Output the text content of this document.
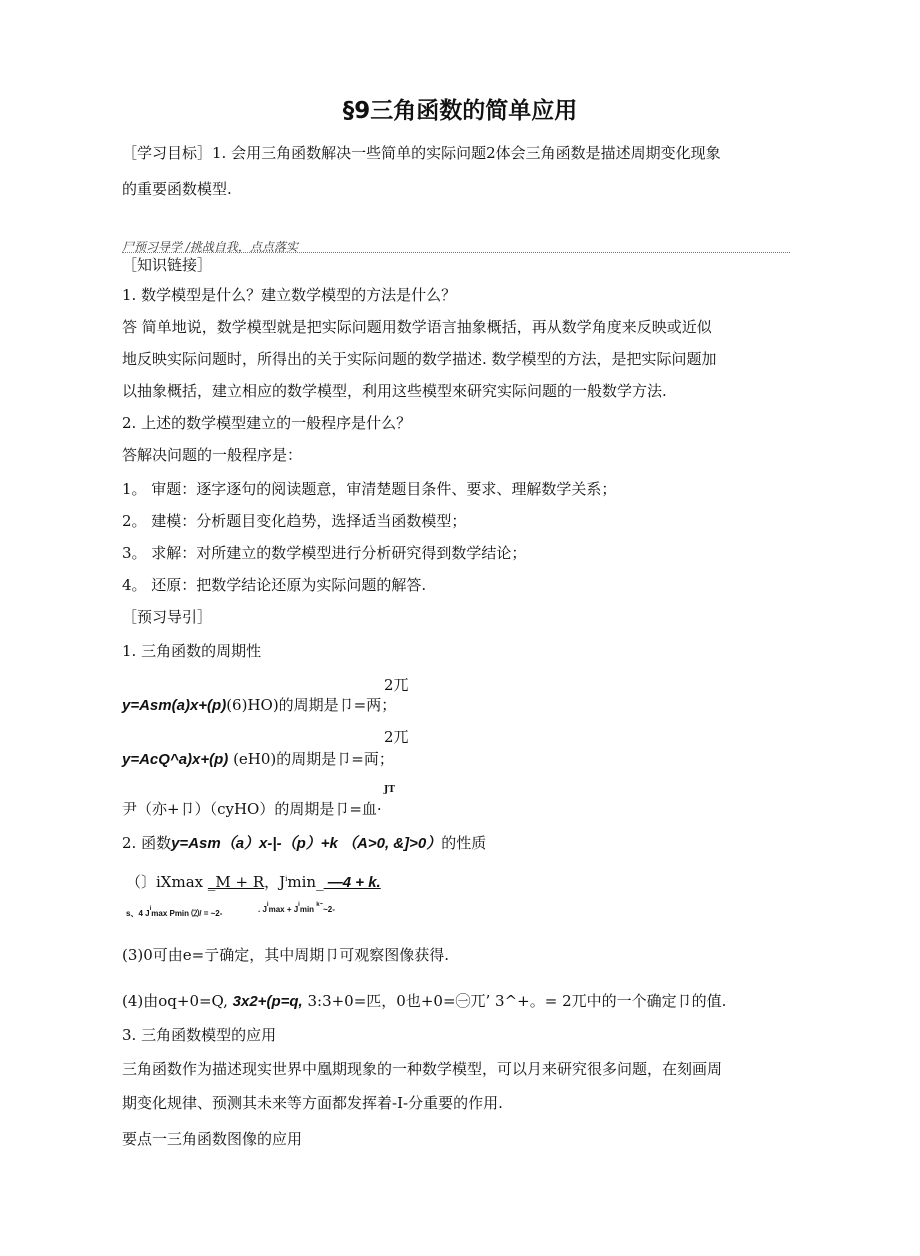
§9三角函数的简单应用
［学习目标］1. 会用三角函数解决一些简单的实际问题2体会三角函数是描述周期变化现象
的重要函数模型.
尸预习导学 /挑战自我，点点落实
［知识链接］
1. 数学模型是什么？建立数学模型的方法是什么？
答 简单地说，数学模型就是把实际问题用数学语言抽象概括，再从数学角度来反映或近似
地反映实际问题时，所得出的关于实际问题的数学描述. 数学模型的方法，是把实际问题加
以抽象概括，建立相应的数学模型，利用这些模型來研究实际问题的一般数学方法.
2. 上述的数学模型建立的一般程序是什么？
答解决问题的一般程序是：
1。 审题：逐字逐句的阅读题意，审清楚题目条件、要求、理解数学关系；
2。 建模：分析题目变化趋势，选择适当函数模型；
3。 求解：对所建立的数学模型进行分析研究得到数学结论；
4。 还原：把数学结论还原为实际问题的解答.
［预习导引］
1. 三角函数的周期性
2兀
y=Asm(a)x+(p)(6)HO)的周期是卩=两；
2兀
y=AcQ^a)x+(p) (eH0)的周期是卩=両；
JT
尹（亦+卩）（cyHO）的周期是卩=血·
2. 函数y=Asm（a）x-|-（p）+k （A>0, &]>0）的性质
（〕iXmax _M + R，$J^i\min\_$ —4 + k.
s、4 $J^i\max$ Pmin ⑵/ = ~2-	. $J^i\max + J^i\min$ $^{k\sim}$~2-
(3)0可由e=亍确定，其中周期卩可观察图像获得.
(4)由oq+0=Q, 3x2+(p=q, 3:3+0=匹，0也+0=㊀兀’ 3^+。= 2兀中的一个确定卩的值.
3. 三角函数模型的应用
三角函数作为描述现实世界中凰期现象的一种数学模型，可以月来研究很多问题，在刻画周
期变化规律、预测其未来等方面都发挥着-I-分重要的作用.
要点一三角函数图像的应用
